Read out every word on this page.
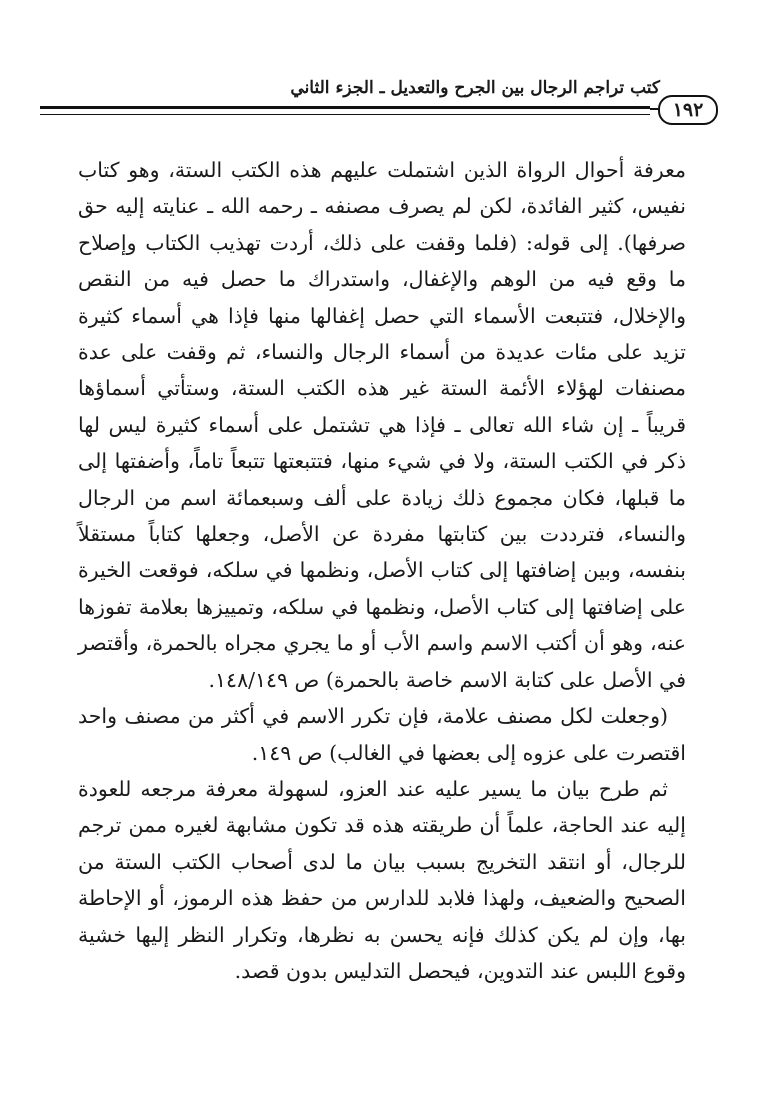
كتب تراجم الرجال بين الجرح والتعديل ـ الجزء الثاني
١٩٢

معرفة أحوال الرواة الذين اشتملت عليهم هذه الكتب الستة، وهو كتاب نفيس، كثير الفائدة، لكن لم يصرف مصنفه ـ رحمه الله ـ عنايته إليه حق صرفها). إلى قوله: (فلما وقفت على ذلك، أردت تهذيب الكتاب وإصلاح ما وقع فيه من الوهم والإغفال، واستدراك ما حصل فيه من النقص والإخلال، فتتبعت الأسماء التي حصل إغفالها منها فإذا هي أسماء كثيرة تزيد على مئات عديدة من أسماء الرجال والنساء، ثم وقفت على عدة مصنفات لهؤلاء الأئمة الستة غير هذه الكتب الستة، وستأتي أسماؤها قريباً ـ إن شاء الله تعالى ـ فإذا هي تشتمل على أسماء كثيرة ليس لها ذكر في الكتب الستة، ولا في شيء منها، فتتبعتها تتبعاً تاماً، وأضفتها إلى ما قبلها، فكان مجموع ذلك زيادة على ألف وسبعمائة اسم من الرجال والنساء، فترددت بين كتابتها مفردة عن الأصل، وجعلها كتاباً مستقلاً بنفسه، وبين إضافتها إلى كتاب الأصل، ونظمها في سلكه، فوقعت الخيرة على إضافتها إلى كتاب الأصل، ونظمها في سلكه، وتمييزها بعلامة تفوزها عنه، وهو أن أكتب الاسم واسم الأب أو ما يجري مجراه بالحمرة، وأقتصر في الأصل على كتابة الاسم خاصة بالحمرة) ص ١٤٨/١٤٩.

(وجعلت لكل مصنف علامة، فإن تكرر الاسم في أكثر من مصنف واحد اقتصرت على عزوه إلى بعضها في الغالب) ص ١٤٩.

ثم طرح بيان ما يسير عليه عند العزو، لسهولة معرفة مرجعه للعودة إليه عند الحاجة، علماً أن طريقته هذه قد تكون مشابهة لغيره ممن ترجم للرجال، أو انتقد التخريج بسبب بيان ما لدى أصحاب الكتب الستة من الصحيح والضعيف، ولهذا فلابد للدارس من حفظ هذه الرموز، أو الإحاطة بها، وإن لم يكن كذلك فإنه يحسن به نظرها، وتكرار النظر إليها خشية وقوع اللبس عند التدوين، فيحصل التدليس بدون قصد.
